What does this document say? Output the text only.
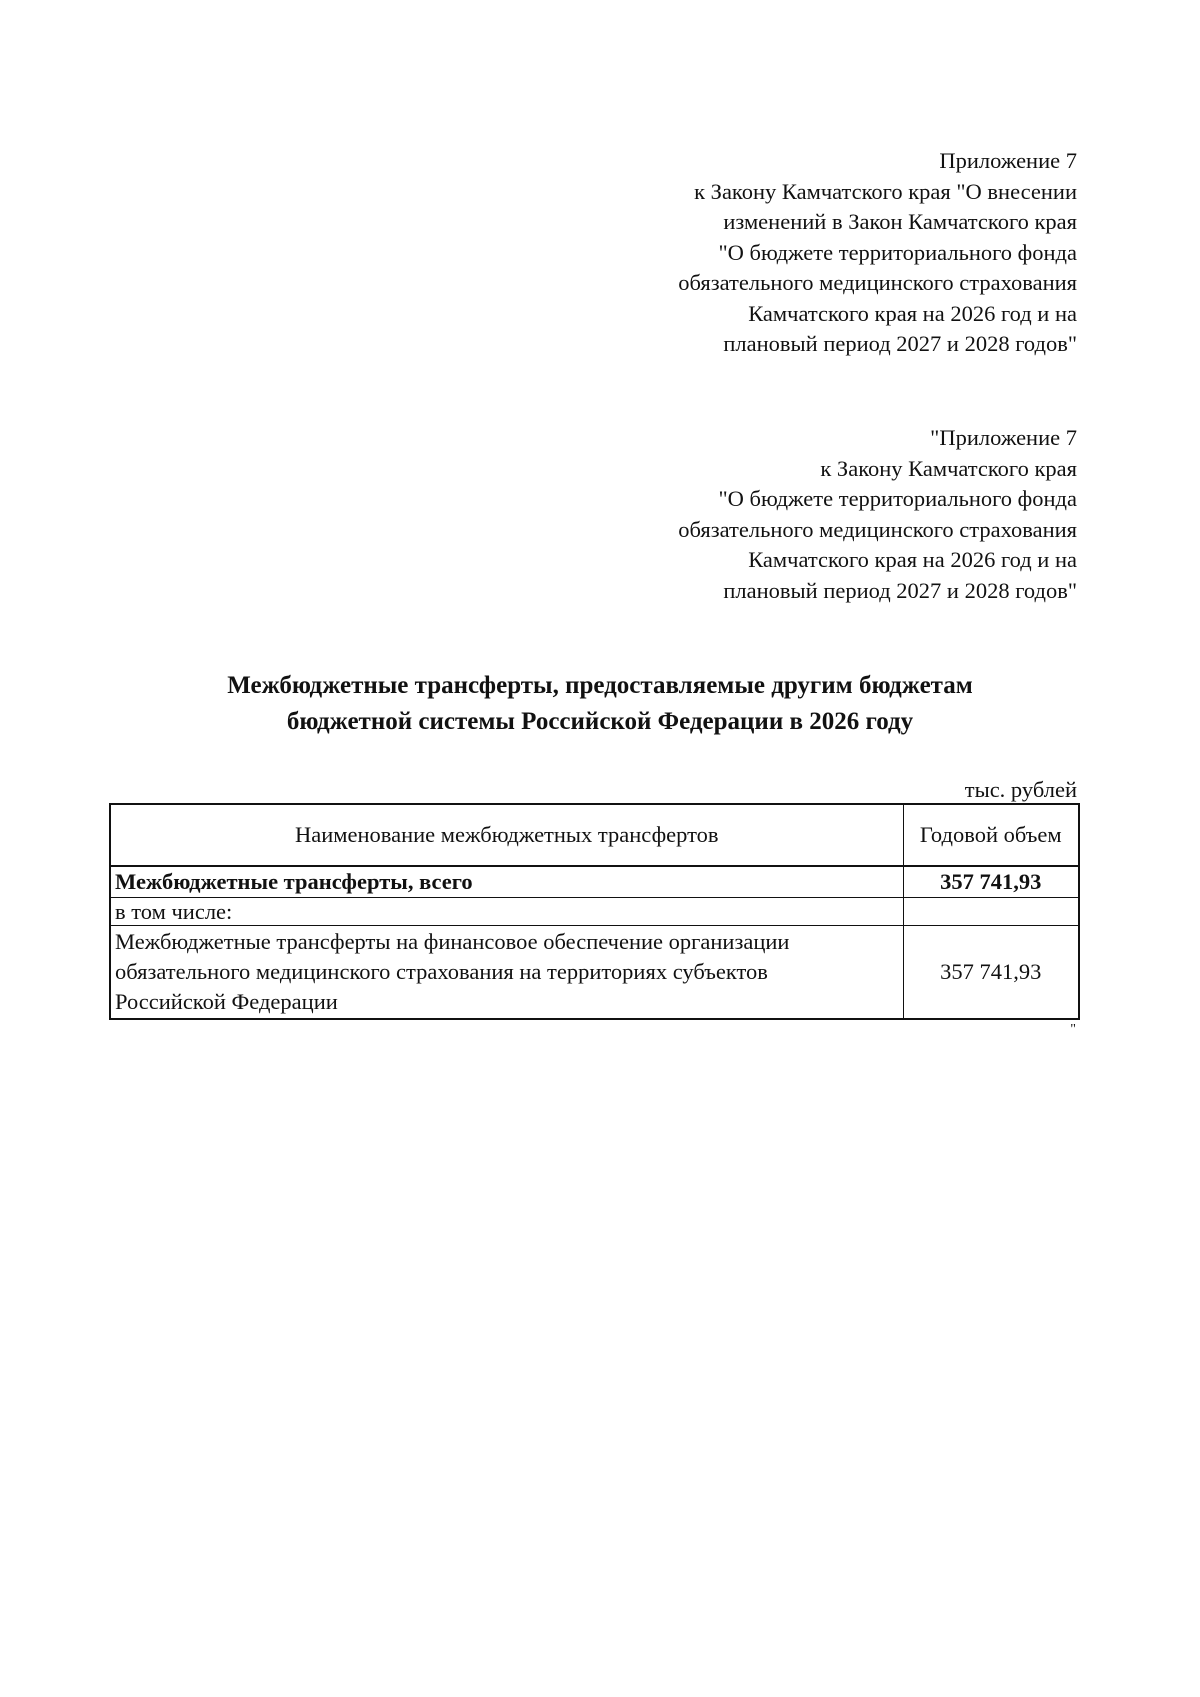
Приложение 7
к Закону Камчатского края "О внесении
изменений в Закон Камчатского края
"О бюджете территориального фонда
обязательного медицинского страхования
Камчатского края на 2026 год и на
плановый период 2027 и 2028 годов"
"Приложение 7
к Закону Камчатского края
"О бюджете территориального фонда
обязательного медицинского страхования
Камчатского края на 2026 год и на
плановый период 2027 и 2028 годов"
Межбюджетные трансферты, предоставляемые другим бюджетам
бюджетной системы Российской Федерации в 2026 году
тыс. рублей
Наименование межбюджетных трансфертов	Годовой объем
Межбюджетные трансферты, всего	357 741,93
в том числе:	

Межбюджетные трансферты на финансовое обеспечение организации
обязательного медицинского страхования на территориях субъектов
Российской Федерации	357 741,93
"
